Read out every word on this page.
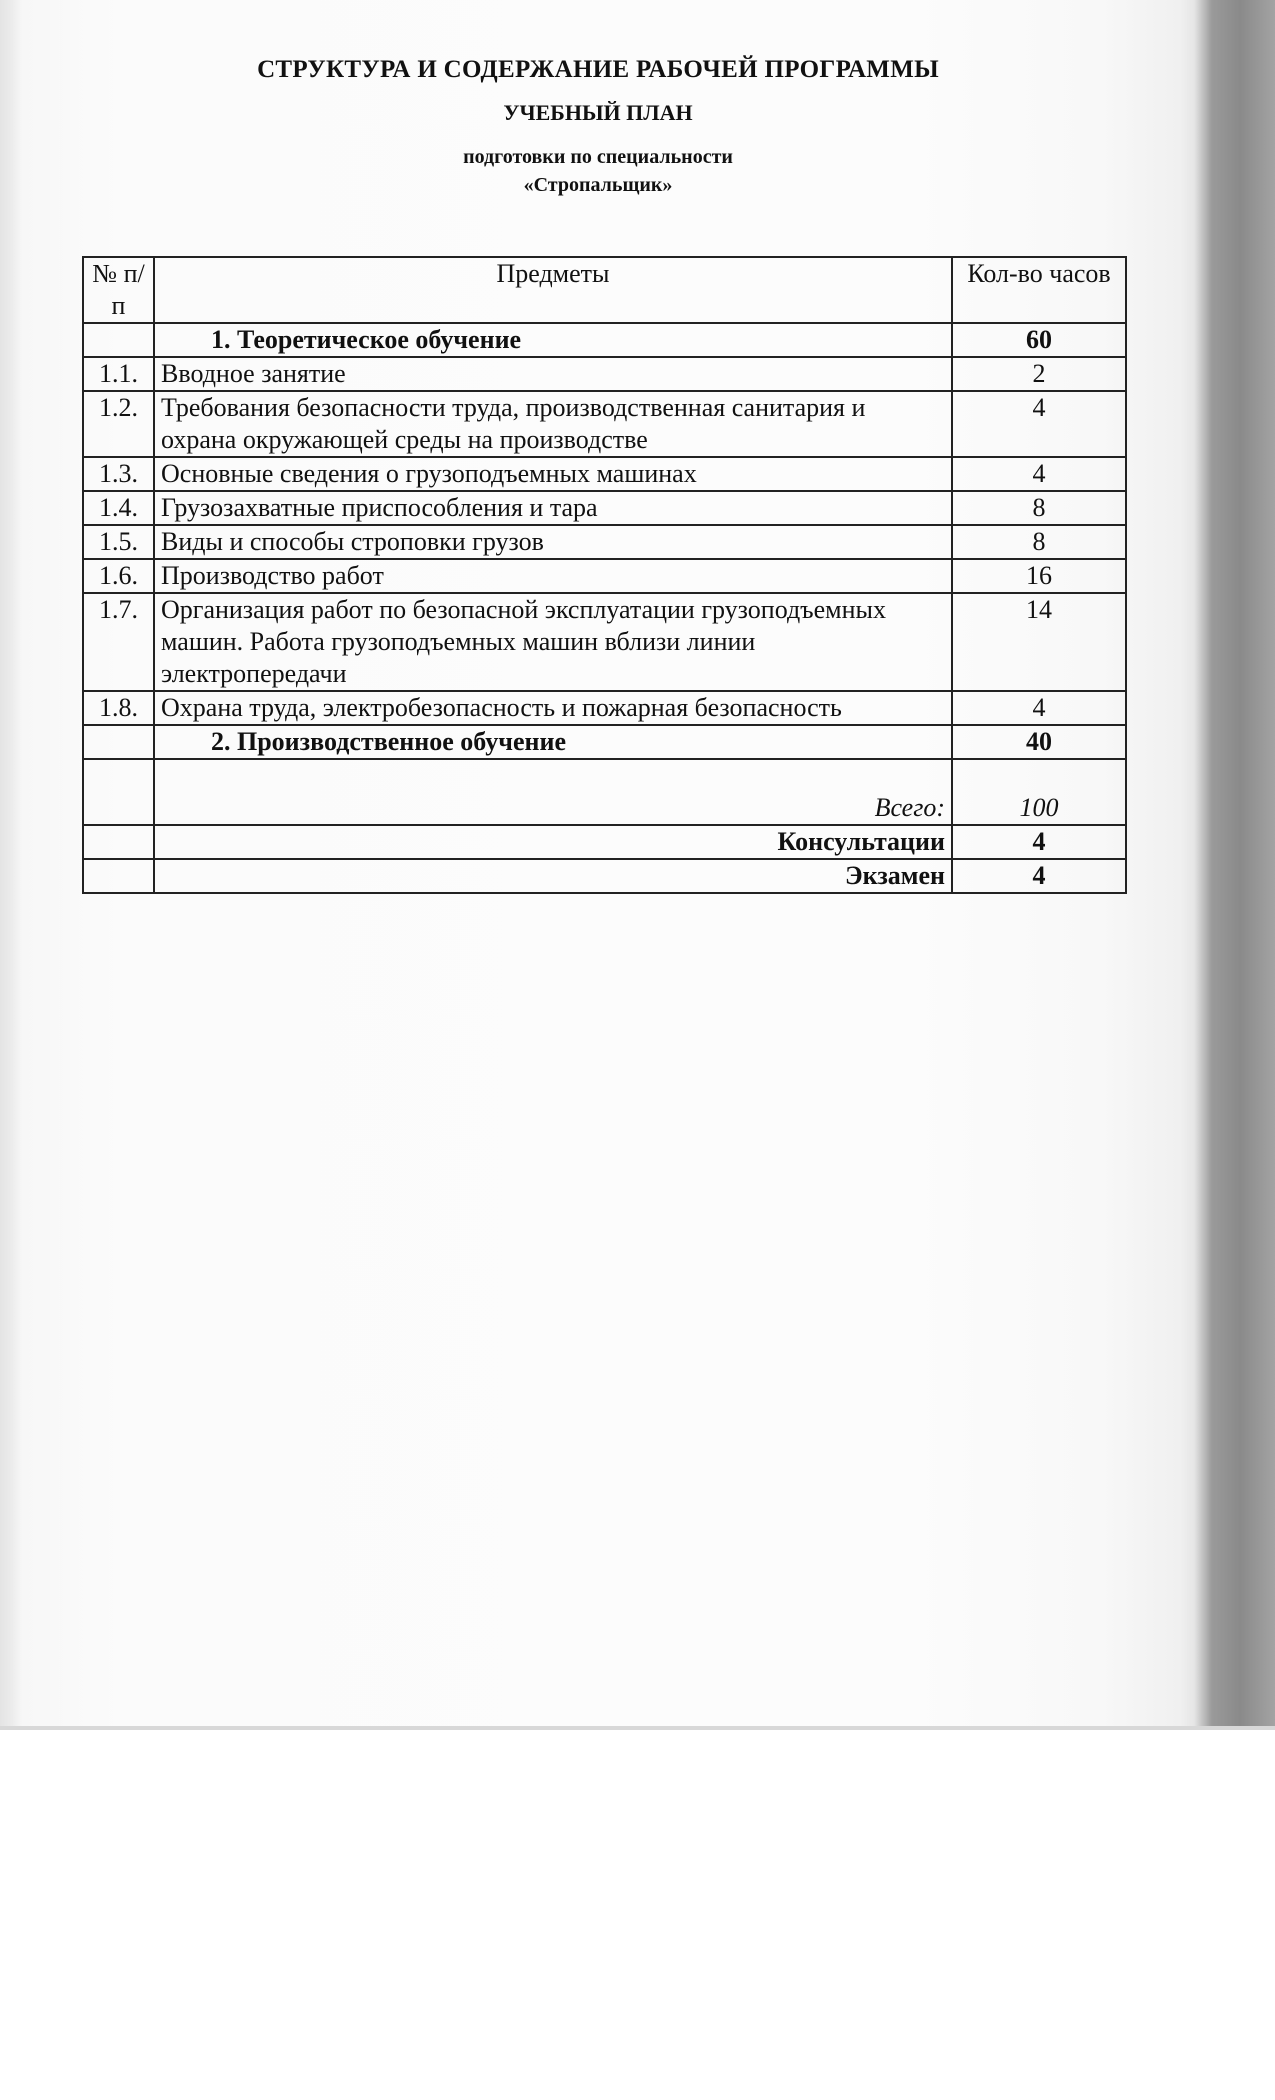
СТРУКТУРА И СОДЕРЖАНИЕ РАБОЧЕЙ ПРОГРАММЫ

УЧЕБНЫЙ ПЛАН

подготовки по специальности

«Стропальщик»

№ п/п	Предметы	Кол-во часов
	1. Теоретическое обучение	60
1.1.	Вводное занятие	2
1.2.	Требования безопасности труда, производственная санитария и охрана окружающей среды на производстве	4
1.3.	Основные сведения о грузоподъемных машинах	4
1.4.	Грузозахватные приспособления и тара	8
1.5.	Виды и способы строповки грузов	8
1.6.	Производство работ	16
1.7.	Организация работ по безопасной эксплуатации грузоподъемных машин. Работа грузоподъемных машин вблизи линии электропередачи	14
1.8.	Охрана труда, электробезопасность и пожарная безопасность	4
	2. Производственное обучение	40
	Всего:	100
	Консультации	4
	Экзамен	4
